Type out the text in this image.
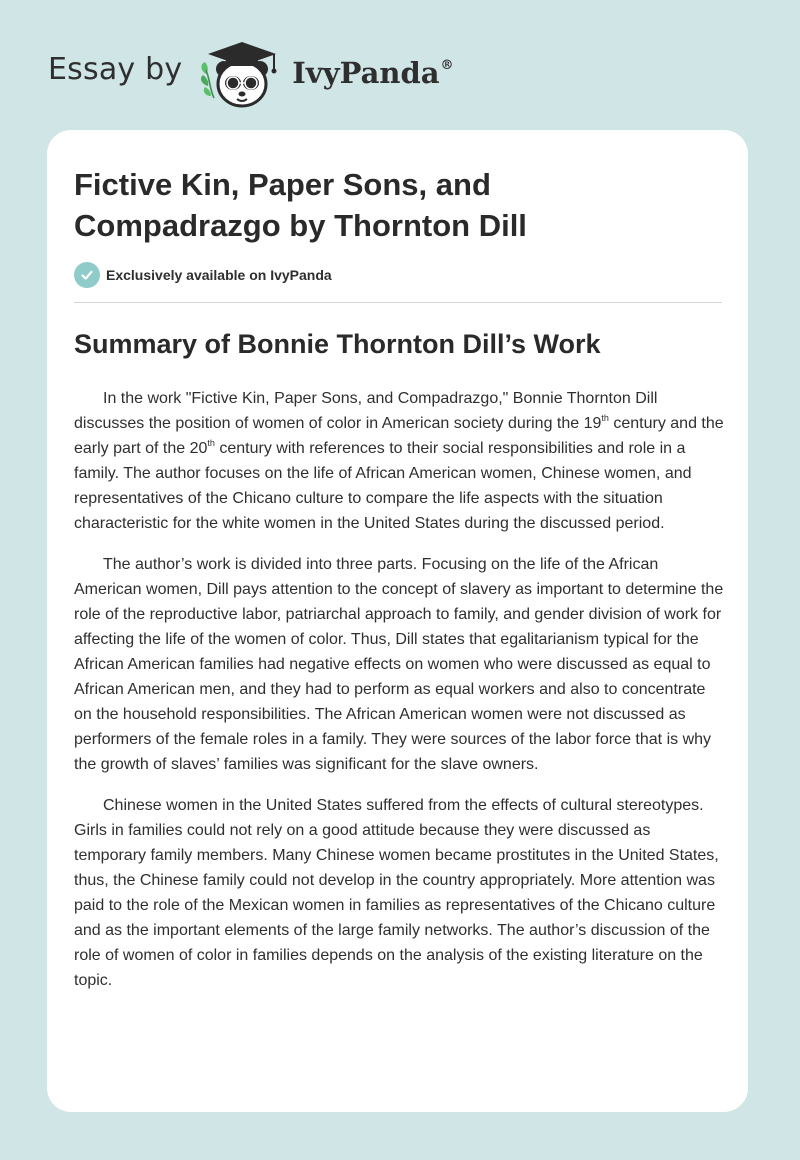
Essay by	IvyPanda®
Fictive Kin, Paper Sons, and Compadrazgo by Thornton Dill
Exclusively available on IvyPanda
Summary of Bonnie Thornton Dill’s Work

In the work "Fictive Kin, Paper Sons, and Compadrazgo," Bonnie Thornton Dill discusses the position of women of color in American society during the 19th century and the early part of the 20th century with references to their social responsibilities and role in a family. The author focuses on the life of African American women, Chinese women, and representatives of the Chicano culture to compare the life aspects with the situation characteristic for the white women in the United States during the discussed period.

The author’s work is divided into three parts. Focusing on the life of the African American women, Dill pays attention to the concept of slavery as important to determine the role of the reproductive labor, patriarchal approach to family, and gender division of work for affecting the life of the women of color. Thus, Dill states that egalitarianism typical for the African American families had negative effects on women who were discussed as equal to African American men, and they had to perform as equal workers and also to concentrate on the household responsibilities. The African American women were not discussed as performers of the female roles in a family. They were sources of the labor force that is why the growth of slaves’ families was significant for the slave owners.

Chinese women in the United States suffered from the effects of cultural stereotypes. Girls in families could not rely on a good attitude because they were discussed as temporary family members. Many Chinese women became prostitutes in the United States, thus, the Chinese family could not develop in the country appropriately. More attention was paid to the role of the Mexican women in families as representatives of the Chicano culture and as the important elements of the large family networks. The author’s discussion of the role of women of color in families depends on the analysis of the existing literature on the topic.
